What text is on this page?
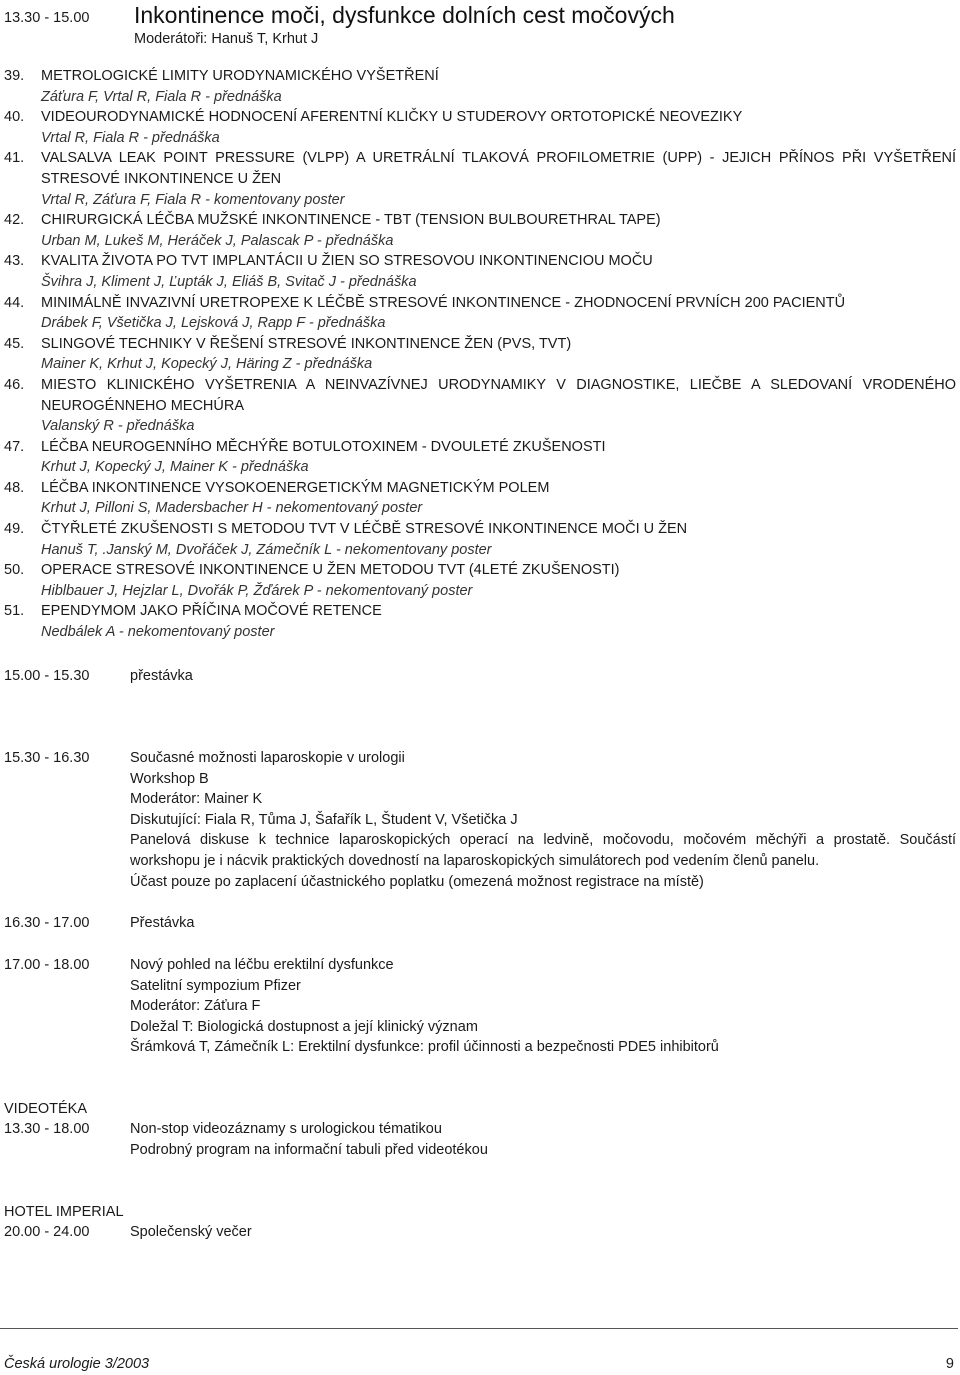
13.30 - 15.00	Inkontinence moči, dysfunkce dolních cest močových
Moderátoři: Hanuš T, Krhut J
39. METROLOGICKÉ LIMITY URODYNAMICKÉHO VYŠETŘENÍ
Záťura F, Vrtal R, Fiala R - přednáška
40. VIDEOURODYNAMICKÉ HODNOCENÍ AFERENTNÍ KLIČKY U STUDEROVY ORTOTOPICKÉ NEOVEZIKY
Vrtal R, Fiala R - přednáška
41. VALSALVA LEAK POINT PRESSURE (VLPP) A URETRÁLNÍ TLAKOVÁ PROFILOMETRIE (UPP) - JEJICH PŘÍNOS PŘI VYŠETŘENÍ STRESOVÉ INKONTINENCE U ŽEN
Vrtal R, Záťura F, Fiala R - komentovany poster
42. CHIRURGICKÁ LÉČBA MUŽSKÉ INKONTINENCE - TBT (TENSION BULBOURETHRAL TAPE)
Urban M, Lukeš M, Heráček J, Palascak P - přednáška
43. KVALITA ŽIVOTA PO TVT IMPLANTÁCII U ŽIEN SO STRESOVOU INKONTINENCIOU MOČU
Švihra J, Kliment J, Ľupták J, Eliáš B, Svitač J - přednáška
44. MINIMÁLNĚ INVAZIVNÍ URETROPEXE K LÉČBĚ STRESOVÉ INKONTINENCE - ZHODNOCENÍ PRVNÍCH 200 PACIENTŮ
Drábek F, Všetička J, Lejsková J, Rapp F - přednáška
45. SLINGOVÉ TECHNIKY V ŘEŠENÍ STRESOVÉ INKONTINENCE ŽEN (PVS, TVT)
Mainer K, Krhut J, Kopecký J, Häring Z - přednáška
46. MIESTO KLINICKÉHO VYŠETRENIA A NEINVAZÍVNEJ URODYNAMIKY V DIAGNOSTIKE, LIEČBE A SLEDOVANÍ VRODENÉHO NEUROGÉNNEHO MECHÚRA
Valanský R - přednáška
47. LÉČBA NEUROGENNÍHO MĚCHÝŘE BOTULOTOXINEM - DVOULETÉ ZKUŠENOSTI
Krhut J, Kopecký J, Mainer K - přednáška
48. LÉČBA INKONTINENCE VYSOKOENERGETICKÝM MAGNETICKÝM POLEM
Krhut J, Pilloni S, Madersbacher H - nekomentovaný poster
49. ČTYŘLETÉ ZKUŠENOSTI S METODOU TVT V LÉČBĚ STRESOVÉ INKONTINENCE MOČI U ŽEN
Hanuš T, .Janský M, Dvořáček J, Zámečník L - nekomentovany poster
50. OPERACE STRESOVÉ INKONTINENCE U ŽEN METODOU TVT (4LETÉ ZKUŠENOSTI)
Hiblbauer J, Hejzlar L, Dvořák P, Žďárek P - nekomentovaný poster
51. EPENDYMOM JAKO PŘÍČINA MOČOVÉ RETENCE
Nedbálek A - nekomentovaný poster
15.00 - 15.30	přestávka
15.30 - 16.30	Současné možnosti laparoskopie v urologii
Workshop B
Moderátor: Mainer K
Diskutující: Fiala R, Tůma J, Šafařík L, Študent V, Všetička J
Panelová diskuse k technice laparoskopických operací na ledvině, močovodu, močovém měchýři a prostatě. Součástí workshopu je i nácvik praktických dovedností na laparoskopických simulátorech pod vedením členů panelu.
Účast pouze po zaplacení účastnického poplatku (omezená možnost registrace na místě)
16.30 - 17.00	Přestávka
17.00 - 18.00	Nový pohled na léčbu erektilní dysfunkce
Satelitní sympozium Pfizer
Moderátor: Záťura F
Doležal T: Biologická dostupnost a její klinický význam
Šrámková T, Zámečník L: Erektilní dysfunkce: profil účinnosti a bezpečnosti PDE5 inhibitorů
VIDEOTÉKA
13.30 - 18.00	Non-stop videozáznamy s urologickou tématikou
Podrobný program na informační tabuli před videotékou
HOTEL IMPERIAL
20.00 - 24.00	Společenský večer
Česká urologie 3/2003	9
